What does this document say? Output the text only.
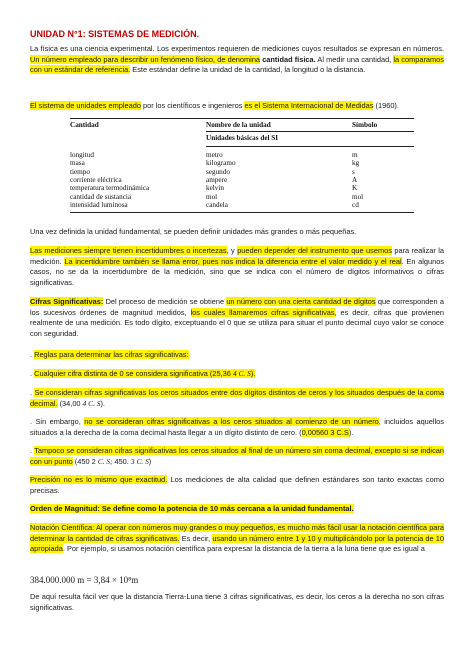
UNIDAD N°1: SISTEMAS DE MEDICIÓN.

La física es una ciencia experimental. Los experimentos requieren de mediciones cuyos resultados se expresan en números. Un número empleado para describir un fenómeno físico, de denomina cantidad física. Al medir una cantidad, la comparamos con un estándar de referencia. Este estándar define la unidad de la cantidad, la longitud o la distancia.

El sistema de unidades empleado por los científicos e ingenieros es el Sistema Internacional de Medidas (1960).

Cantidad	Nombre de la unidad	Símbolo
	Unidades básicas del SI	
longitud	metro	m
masa	kilogramo	kg
tiempo	segundo	s
corriente eléctrica	ampere	A
temperatura termodinámica	kelvin	K
cantidad de sustancia	mol	mol
intensidad luminosa	candela	cd

Una vez definida la unidad fundamental, se pueden definir unidades más grandes o más pequeñas.

Las mediciones siempre tienen incertidumbres o incertezas, y pueden depender del instrumento que usemos para realizar la medición. La incertidumbre también se llama error, pues nos indica la diferencia entre el valor medido y el real. En algunos casos, no se da la incertidumbre de la medición, sino que se indica con el número de dígitos informativos o cifras significativas.

Cifras Significativas: Del proceso de medición se obtiene un número con una cierta cantidad de dígitos que corresponden a los sucesivos órdenes de magnitud medidos, los cuales llamaremos cifras significativas, es decir, cifras que provienen realmente de una medición. Es todo dígito, exceptuando el 0 que se utiliza para situar el punto decimal cuyo valor se conoce con seguridad.

. Reglas para determinar las cifras significativas:

. Cualquier cifra distinta de 0 se considera significativa (25,36 4 C. S).

. Se consideran cifras significativas los ceros situados entre dos dígitos distintos de ceros y los situados después de la coma decimal. (34,00 4 C. S).

. Sin embargo, no se consideran cifras significativas a los ceros situados al comienzo de un número, incluidos aquellos situados a la derecha de la coma decimal hasta llegar a un dígito distinto de cero. (0,00560 3 C.S).

. Tampoco se consideran cifras significativas los ceros situados al final de un número sin coma decimal, excepto si se indican con un punto (450 2 C. S; 450. 3 C. S)

Precisión no es lo mismo que exactitud. Los mediciones de alta calidad que definen estándares son tanto exactas como precisas.

Orden de Magnitud: Se define como la potencia de 10 más cercana a la unidad fundamental.

Notación Científica: Al operar con números muy grandes o muy pequeños, es mucho más fácil usar la notación científica para determinar la cantidad de cifras significativas. Es decir, usando un número entre 1 y 10 y multiplicándolo por la potencia de 10 apropiada. Por ejemplo, si usamos notación científica para expresar la distancia de la tierra a la luna tiene que es igual a

384.000.000 m = 3,84 × 10⁸m

De aquí resulta fácil ver que la distancia Tierra-Luna tiene 3 cifras significativas, es decir, los ceros a la derecha no son cifras significativas.
